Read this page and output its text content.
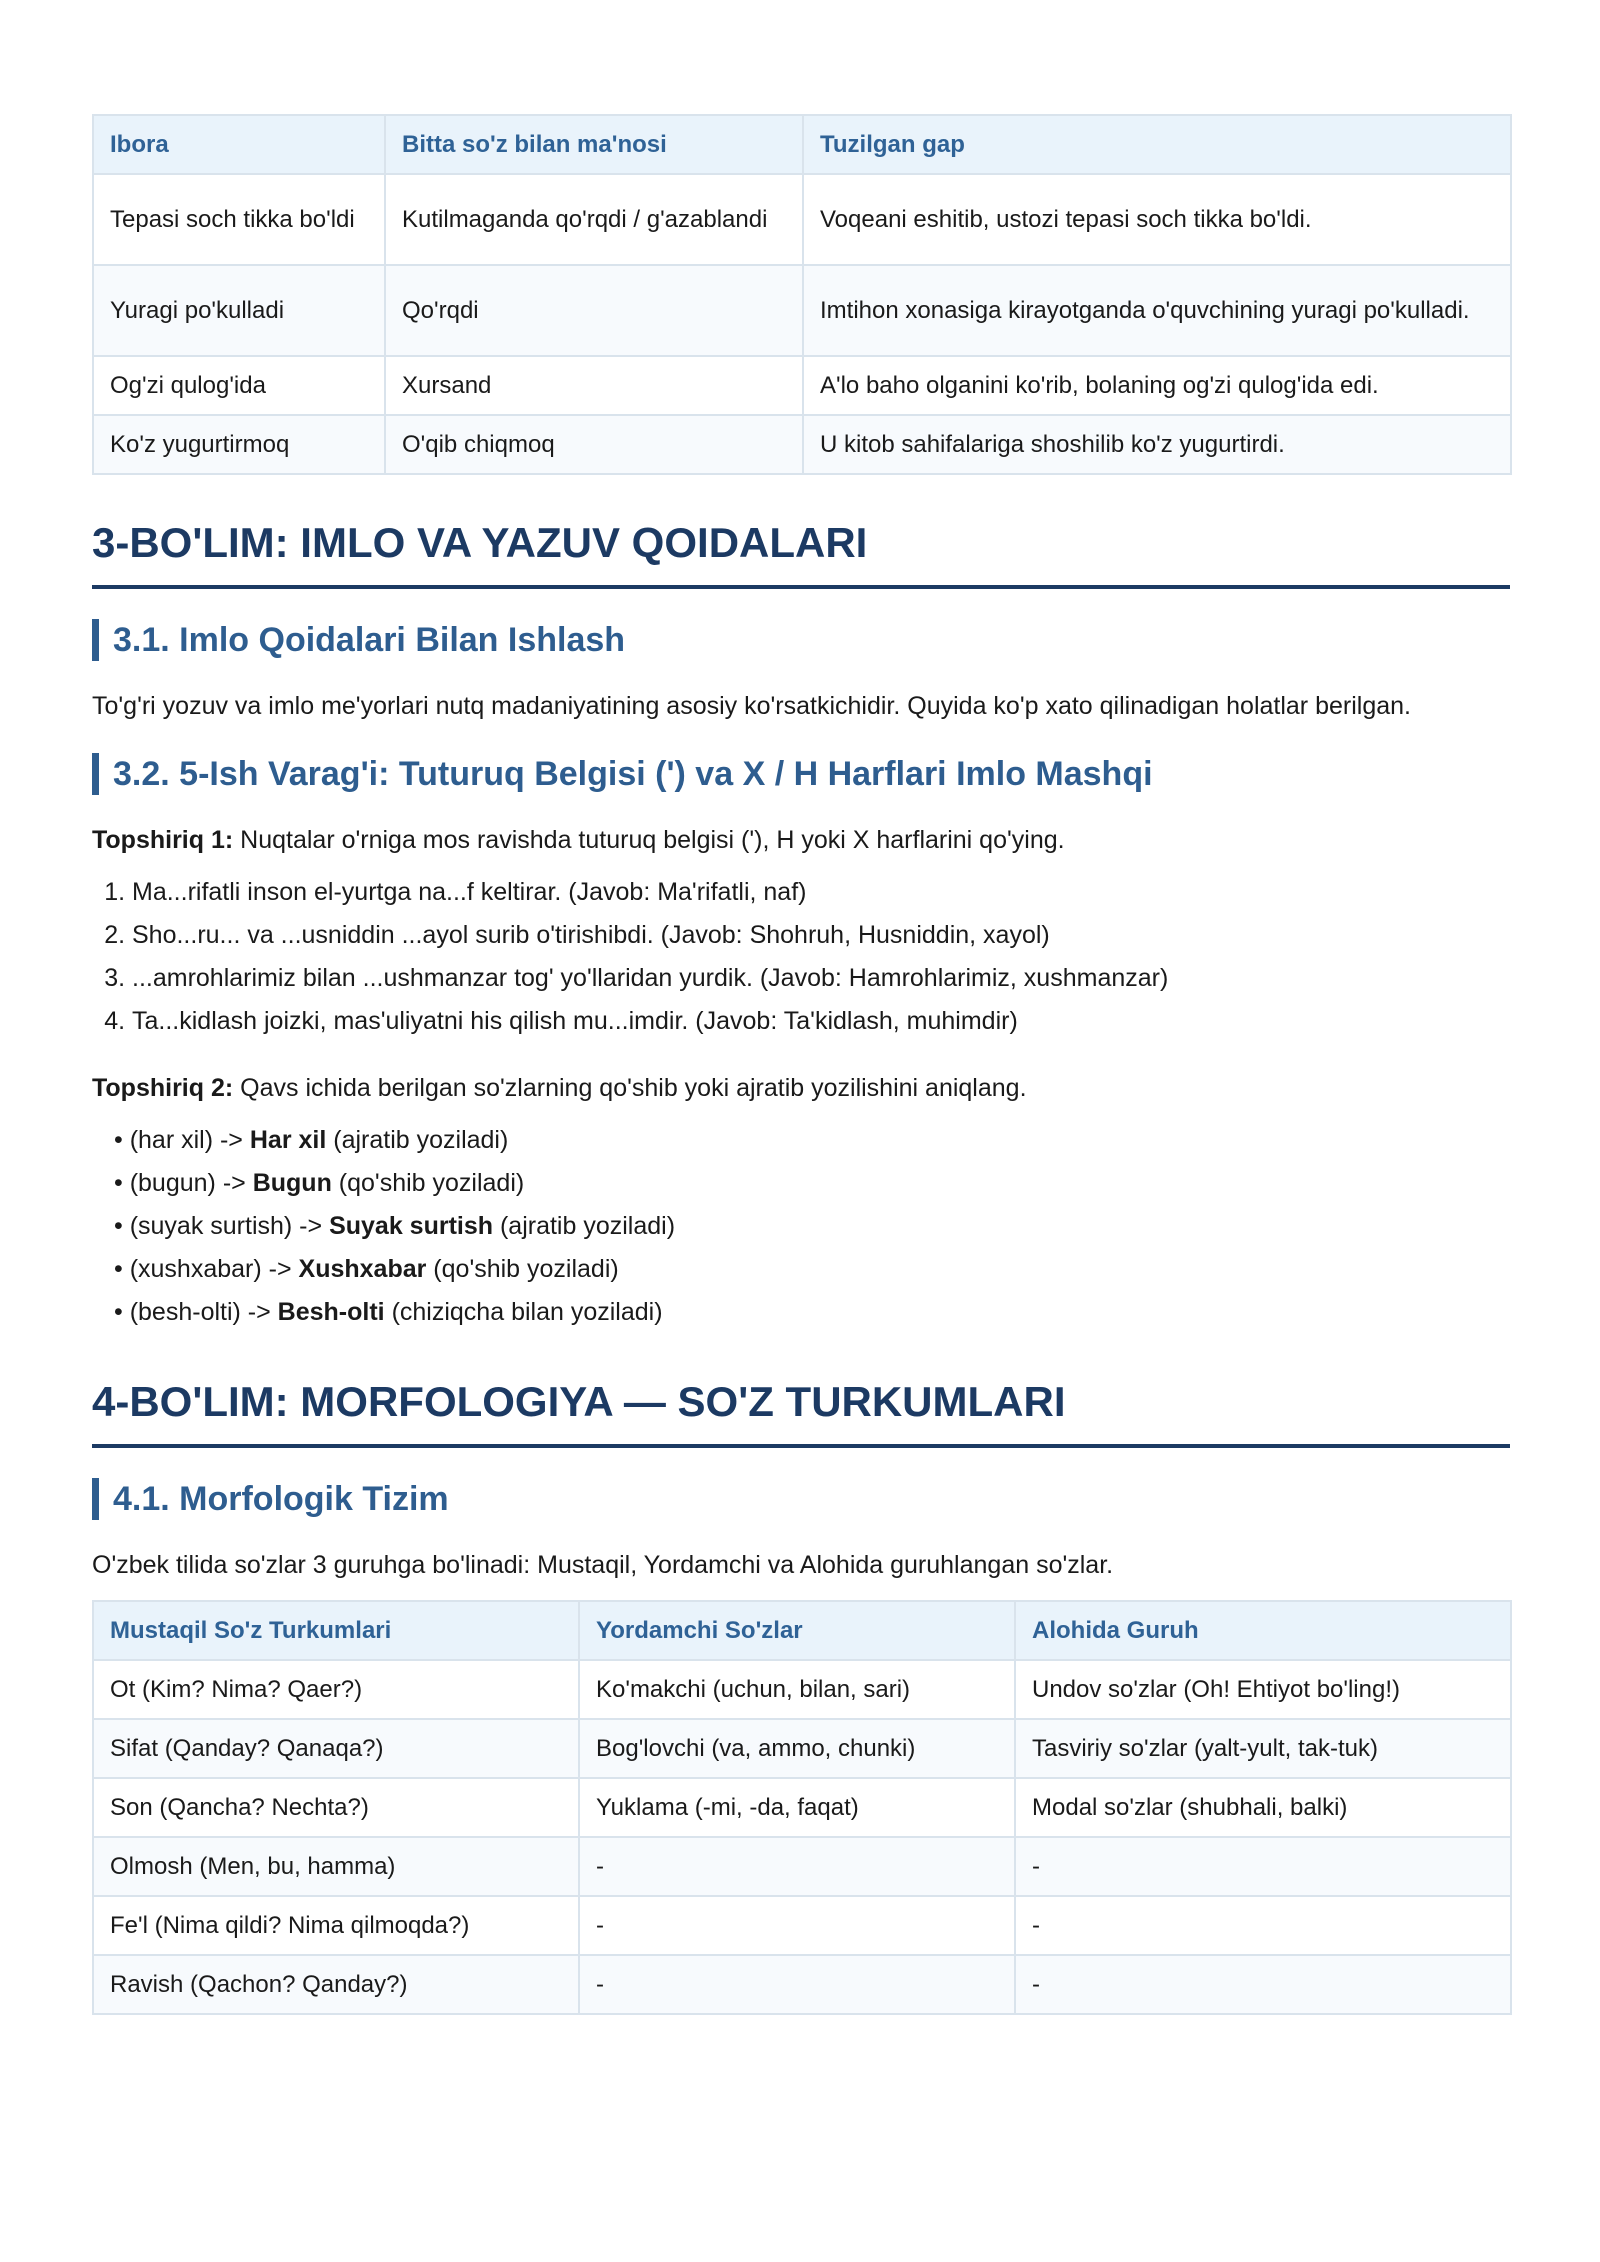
Ibora	Bitta so'z bilan ma'nosi	Tuzilgan gap
Tepasi soch tikka bo'ldi	Kutilmaganda qo'rqdi / g'azablandi	Voqeani eshitib, ustozi tepasi soch tikka bo'ldi.
Yuragi po'kulladi	Qo'rqdi	Imtihon xonasiga kirayotganda o'quvchining yuragi po'kulladi.
Og'zi qulog'ida	Xursand	A'lo baho olganini ko'rib, bolaning og'zi qulog'ida edi.
Ko'z yugurtirmoq	O'qib chiqmoq	U kitob sahifalariga shoshilib ko'z yugurtirdi.
3-BO'LIM: IMLO VA YAZUV QOIDALARI
3.1. Imlo Qoidalari Bilan Ishlash

To'g'ri yozuv va imlo me'yorlari nutq madaniyatining asosiy ko'rsatkichidir. Quyida ko'p xato qilinadigan holatlar berilgan.

3.2. 5-Ish Varag'i: Tuturuq Belgisi (') va X / H Harflari Imlo Mashqi

Topshiriq 1: Nuqtalar o'rniga mos ravishda tuturuq belgisi ('), H yoki X harflarini qo'ying.

1. Ma...rifatli inson el-yurtga na...f keltirar. (Javob: Ma'rifatli, naf)
2. Sho...ru... va ...usniddin ...ayol surib o'tirishibdi. (Javob: Shohruh, Husniddin, xayol)
3. ...amrohlarimiz bilan ...ushmanzar tog' yo'llaridan yurdik. (Javob: Hamrohlarimiz, xushmanzar)
4. Ta...kidlash joizki, mas'uliyatni his qilish mu...imdir. (Javob: Ta'kidlash, muhimdir)

Topshiriq 2: Qavs ichida berilgan so'zlarning qo'shib yoki ajratib yozilishini aniqlang.

• (har xil) -> Har xil (ajratib yoziladi)
• (bugun) -> Bugun (qo'shib yoziladi)
• (suyak surtish) -> Suyak surtish (ajratib yoziladi)
• (xushxabar) -> Xushxabar (qo'shib yoziladi)
• (besh-olti) -> Besh-olti (chiziqcha bilan yoziladi)
4-BO'LIM: MORFOLOGIYA — SO'Z TURKUMLARI
4.1. Morfologik Tizim

O'zbek tilida so'zlar 3 guruhga bo'linadi: Mustaqil, Yordamchi va Alohida guruhlangan so'zlar.

Mustaqil So'z Turkumlari	Yordamchi So'zlar	Alohida Guruh
Ot (Kim? Nima? Qaer?)	Ko'makchi (uchun, bilan, sari)	Undov so'zlar (Oh! Ehtiyot bo'ling!)
Sifat (Qanday? Qanaqa?)	Bog'lovchi (va, ammo, chunki)	Tasviriy so'zlar (yalt-yult, tak-tuk)
Son (Qancha? Nechta?)	Yuklama (-mi, -da, faqat)	Modal so'zlar (shubhali, balki)
Olmosh (Men, bu, hamma)	-	-
Fe'l (Nima qildi? Nima qilmoqda?)	-	-
Ravish (Qachon? Qanday?)	-	-
